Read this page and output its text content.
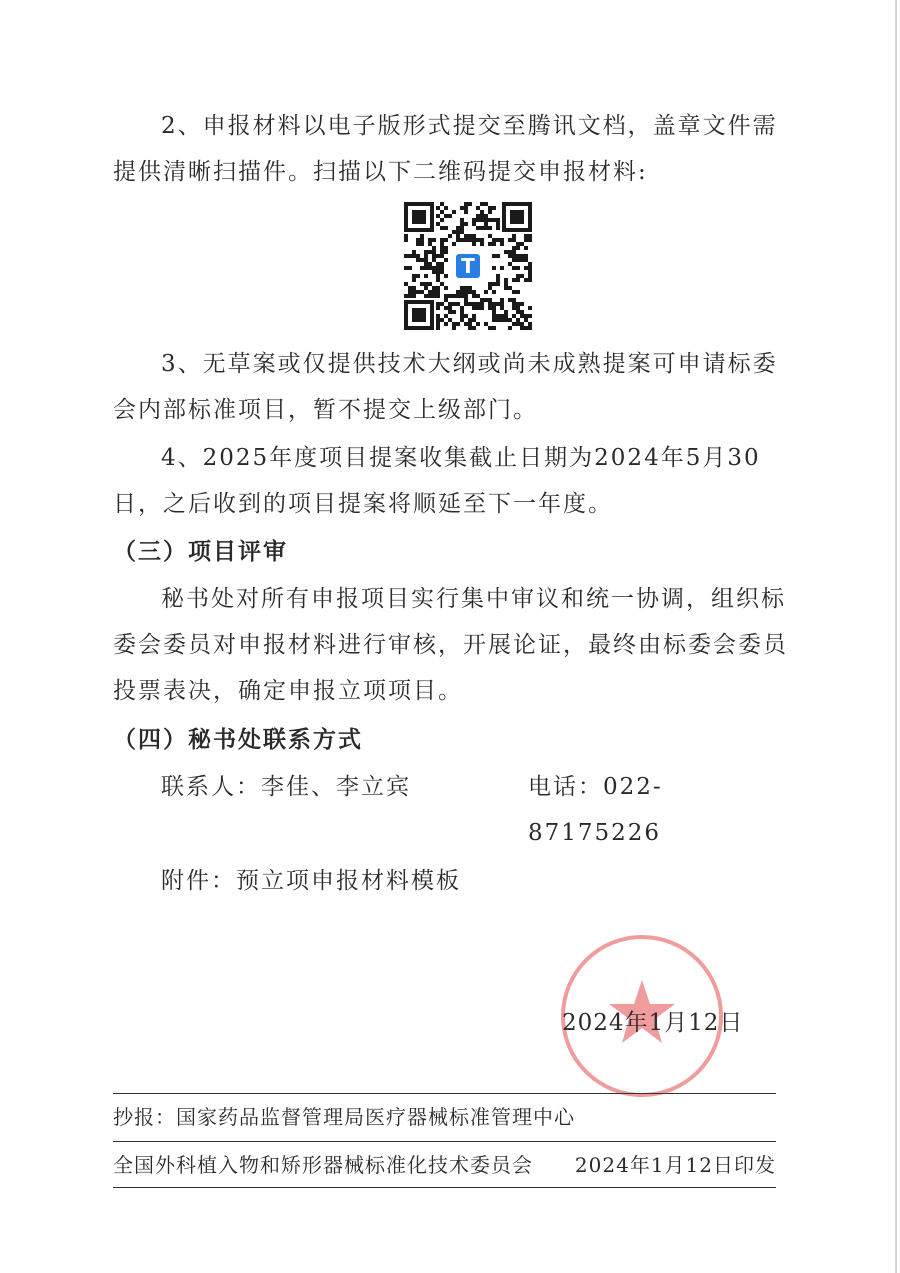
2、申报材料以电子版形式提交至腾讯文档，盖章文件需提供清晰扫描件。扫描以下二维码提交申报材料:

T

3、无草案或仅提供技术大纲或尚未成熟提案可申请标委会内部标准项目，暂不提交上级部门。

4、2025年度项目提案收集截止日期为2024年5月30日，之后收到的项目提案将顺延至下一年度。

（三）项目评审

秘书处对所有申报项目实行集中审议和统一协调，组织标委会委员对申报材料进行审核，开展论证，最终由标委会委员投票表决，确定申报立项项目。

（四）秘书处联系方式

联系人：李佳、李立宾	电话：022-87175226

附件：预立项申报材料模板

2024年1月12日
抄报：国家药品监督管理局医疗器械标准管理中心
全国外科植入物和矫形器械标准化技术委员会 2024年1月12日印发
